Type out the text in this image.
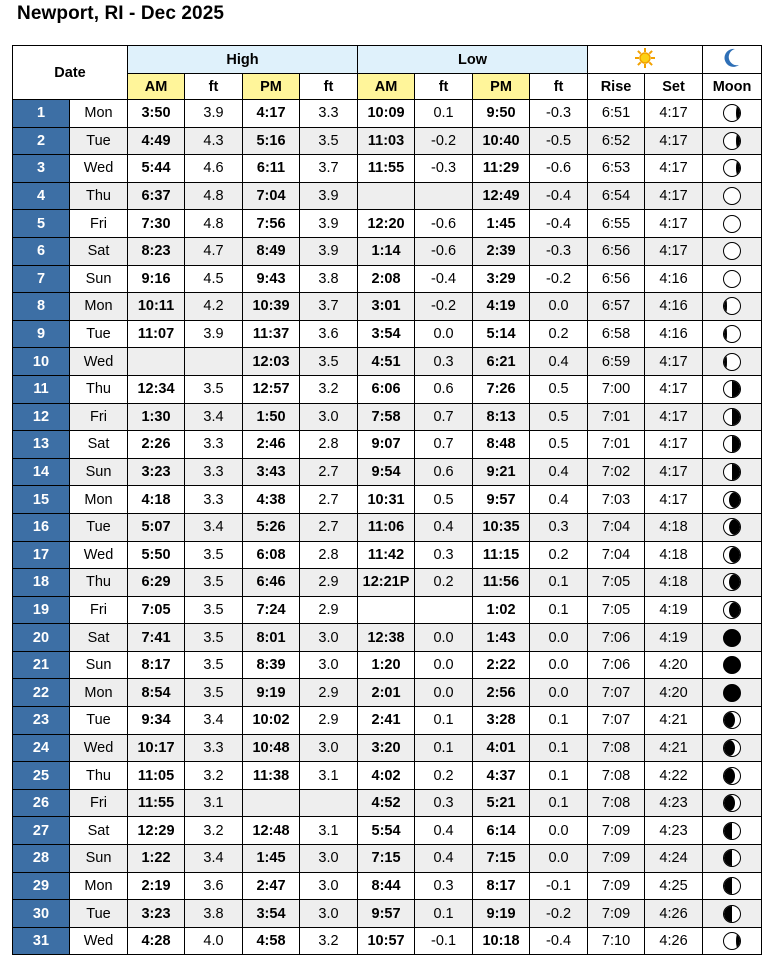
Newport, RI - Dec 2025
Date		High				Low		
		AM	ft	PM	ft	AM	ft	PM	ft	Rise	Set	Moon
1	Mon	3:50	3.9	4:17	3.3	10:09	0.1	9:50	-0.3	6:51	4:17	

2	Tue	4:49	4.3	5:16	3.5	11:03	-0.2	10:40	-0.5	6:52	4:17	

3	Wed	5:44	4.6	6:11	3.7	11:55	-0.3	11:29	-0.6	6:53	4:17	

4	Thu	6:37	4.8	7:04	3.9			12:49	-0.4	6:54	4:17	
5	Fri	7:30	4.8	7:56	3.9	12:20	-0.6	1:45	-0.4	6:55	4:17	
6	Sat	8:23	4.7	8:49	3.9	1:14	-0.6	2:39	-0.3	6:56	4:17	
7	Sun	9:16	4.5	9:43	3.8	2:08	-0.4	3:29	-0.2	6:56	4:16	
8	Mon	10:11	4.2	10:39	3.7	3:01	-0.2	4:19	0.0	6:57	4:16	

9	Tue	11:07	3.9	11:37	3.6	3:54	0.0	5:14	0.2	6:58	4:16	

10	Wed			12:03	3.5	4:51	0.3	6:21	0.4	6:59	4:17	

11	Thu	12:34	3.5	12:57	3.2	6:06	0.6	7:26	0.5	7:00	4:17	

12	Fri	1:30	3.4	1:50	3.0	7:58	0.7	8:13	0.5	7:01	4:17	

13	Sat	2:26	3.3	2:46	2.8	9:07	0.7	8:48	0.5	7:01	4:17	

14	Sun	3:23	3.3	3:43	2.7	9:54	0.6	9:21	0.4	7:02	4:17	

15	Mon	4:18	3.3	4:38	2.7	10:31	0.5	9:57	0.4	7:03	4:17	

16	Tue	5:07	3.4	5:26	2.7	11:06	0.4	10:35	0.3	7:04	4:18	

17	Wed	5:50	3.5	6:08	2.8	11:42	0.3	11:15	0.2	7:04	4:18	

18	Thu	6:29	3.5	6:46	2.9	12:21P	0.2	11:56	0.1	7:05	4:18	

19	Fri	7:05	3.5	7:24	2.9			1:02	0.1	7:05	4:19	

20	Sat	7:41	3.5	8:01	3.0	12:38	0.0	1:43	0.0	7:06	4:19	
21	Sun	8:17	3.5	8:39	3.0	1:20	0.0	2:22	0.0	7:06	4:20	
22	Mon	8:54	3.5	9:19	2.9	2:01	0.0	2:56	0.0	7:07	4:20	
23	Tue	9:34	3.4	10:02	2.9	2:41	0.1	3:28	0.1	7:07	4:21	

24	Wed	10:17	3.3	10:48	3.0	3:20	0.1	4:01	0.1	7:08	4:21	

25	Thu	11:05	3.2	11:38	3.1	4:02	0.2	4:37	0.1	7:08	4:22	

26	Fri	11:55	3.1			4:52	0.3	5:21	0.1	7:08	4:23	

27	Sat	12:29	3.2	12:48	3.1	5:54	0.4	6:14	0.0	7:09	4:23	

28	Sun	1:22	3.4	1:45	3.0	7:15	0.4	7:15	0.0	7:09	4:24	

29	Mon	2:19	3.6	2:47	3.0	8:44	0.3	8:17	-0.1	7:09	4:25	

30	Tue	3:23	3.8	3:54	3.0	9:57	0.1	9:19	-0.2	7:09	4:26	

31	Wed	4:28	4.0	4:58	3.2	10:57	-0.1	10:18	-0.4	7:10	4:26	
